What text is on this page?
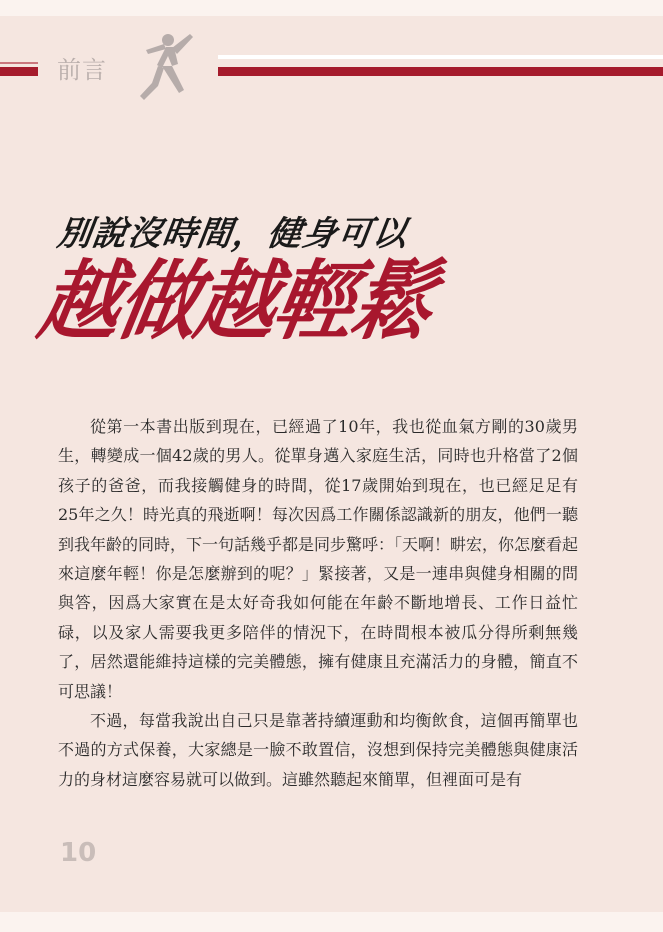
前言
別說沒時間，健身可以
越做越輕鬆

從第一本書出版到現在，已經過了10年，我也從血氣方剛的30歲男生，轉變成一個42歲的男人。從單身邁入家庭生活，同時也升格當了2個孩子的爸爸，而我接觸健身的時間，從17歲開始到現在，也已經足足有25年之久！時光真的飛逝啊！每次因爲工作關係認識新的朋友，他們一聽到我年齡的同時，下一句話幾乎都是同步驚呼：「天啊！畊宏，你怎麼看起來這麼年輕！你是怎麼辦到的呢？」緊接著，又是一連串與健身相關的問與答，因爲大家實在是太好奇我如何能在年齡不斷地增長、工作日益忙碌，以及家人需要我更多陪伴的情況下，在時間根本被瓜分得所剩無幾了，居然還能維持這樣的完美體態，擁有健康且充滿活力的身體，簡直不可思議！

不過，每當我說出自己只是靠著持續運動和均衡飲食，這個再簡單也不過的方式保養，大家總是一臉不敢置信，沒想到保持完美體態與健康活力的身材這麼容易就可以做到。這雖然聽起來簡單，但裡面可是有

10
